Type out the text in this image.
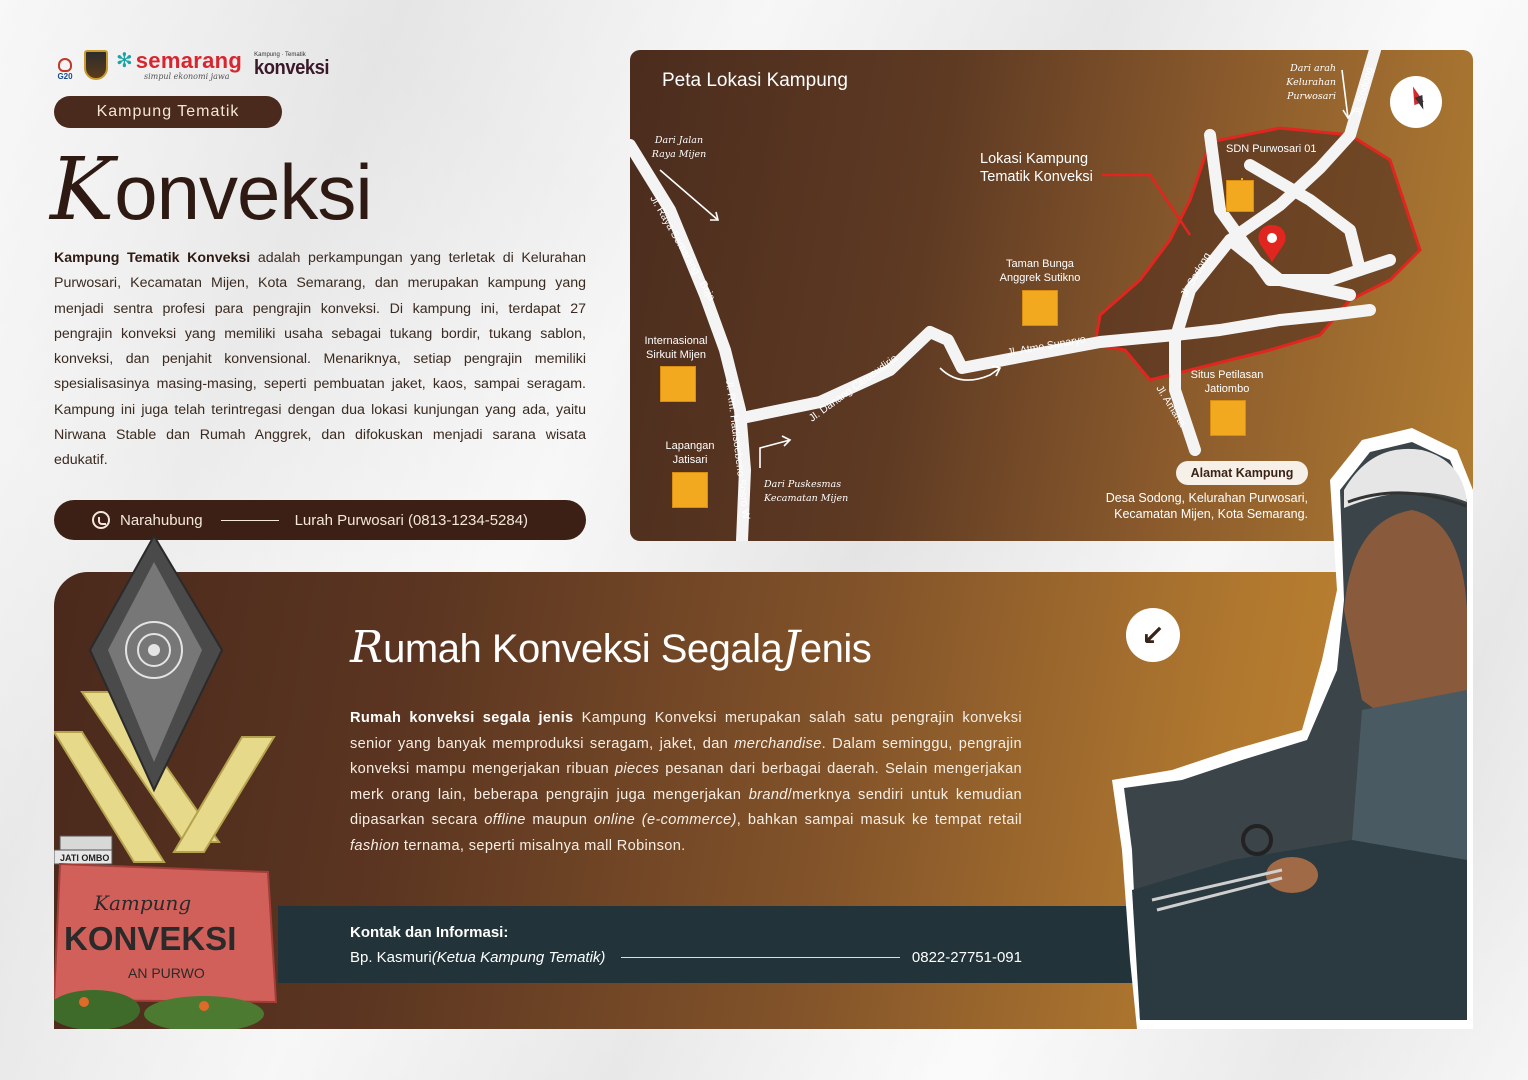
G20
✻ semarang
simpul ekonomi jawa
Kampung · Tematik
konveksi
Kampung Tematik
K onveksi

Kampung Tematik Konveksi adalah perkampungan yang terletak di Kelurahan Purwosari, Kecamatan Mijen, Kota Semarang, dan merupakan kampung yang menjadi sentra profesi para pengrajin konveksi. Di kampung ini, terdapat 27 pengrajin konveksi yang memiliki usaha sebagai tukang bordir, tukang sablon, konveksi, dan penjahit konvensional. Menariknya, setiap pengrajin memiliki spesialisasinya masing-masing, seperti pembuatan jaket, kaos, sampai seragam. Kampung ini juga telah terintregasi dengan dua lokasi kunjungan yang ada, yaitu Nirwana Stable dan Rumah Anggrek, dan difokuskan menjadi sarana wisata edukatif.

Narahubung	Lurah Purwosari (0813-1234-5284)
Jl. Raya Semarang - Boja
Jl. Rm. Hadisoebeno Sosro W	Jl. Danang Citrosudirjo
Jl. Atmo Sunaryo
Jl. Sodong
Jl. Sodong
Jl. Amarta
Peta Lokasi Kampung
Dari Jalan Raya Mijen
Dari arah Kelurahan Purwosari
Dari Puskesmas Kecamatan Mijen
Lokasi Kampung Tematik Konveksi
SDN Purwosari 01
Taman Bunga Anggrek Sutikno
Internasional Sirkuit Mijen
Lapangan Jatisari
Situs Petilasan Jatiombo
Alamat Kampung
Desa Sodong, Kelurahan Purwosari, Kecamatan Mijen, Kota Semarang.
R umah Konveksi Segala J enis

Rumah konveksi segala jenis Kampung Konveksi merupakan salah satu pengrajin konveksi senior yang banyak memproduksi seragam, jaket, dan merchandise. Dalam seminggu, pengrajin konveksi mampu mengerjakan ribuan pieces pesanan dari berbagai daerah. Selain mengerjakan merk orang lain, beberapa pengrajin juga mengerjakan brand/merknya sendiri untuk kemudian dipasarkan secara offline maupun online (e-commerce), bahkan sampai masuk ke tempat retail fashion ternama, seperti misalnya mall Robinson.

Kontak dan Informasi:
Bp. Kasmuri (Ketua Kampung Tematik)	0822-27751-091
↙
JATI OMBO
Kampung
KONVEKSI
AN PURWO
